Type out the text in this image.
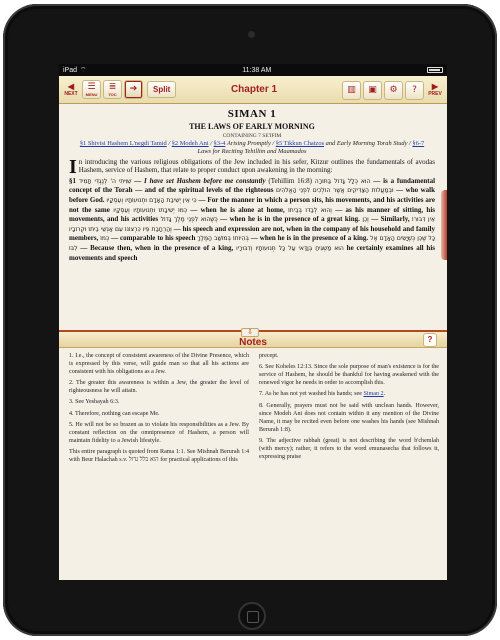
iPad ⌔	11:38 AM
◀
NEXT
☰
MENU
≣
TOC ➔	Split	Chapter 1	▥ ▣ ⚙ ? ▶
PREV
SIMAN 1
THE LAWS OF EARLY MORNING
CONTAINING 7 SE'IFIM
§1 Shivisi Hashem L'negdi Tamid / §2 Modeh Ani / §3-4 Arising Promptly / §5 Tikkun Chatzos and Early Morning Torah Study / §6-7 Laws for Reciting Tehillim and Maamados
In introducing the various religious obligations of the Jew included in his sefer, Kitzur outlines the fundamentals of avodas Hashem, service of Hashem, that relate to proper conduct upon awakening in the morning:
§1 שִׁוִּיתִי ה' לְנֶגְדִּי תָמִיד — I have set Hashem before me constantly (Tehillim 16:8) הוּא כְּלָל גָּדוֹל בַּתּוֹרָה — is a fundamental concept of the Torah — and of the spiritual levels of the righteous וּבְמַעֲלוֹת הַצַּדִּיקִים אֲשֶׁר הוֹלְכִים לִפְנֵי הָאֱלֹהִים — who walk before God. כִּי אֵין יְשִׁיבַת הָאָדָם וּתְנוּעוֹתָיו וְעֵסְקָיו — For the manner in which a person sits, his movements, and his activities are not the same כְּמוֹ יְשִׁיבָתוֹ וּתְנוּעוֹתָיו וְעֵסְקָיו — when he is alone at home, וְהוּא לְבַדּוֹ בְּבֵיתוֹ — as his manner of sitting, his movements, and his activities כְּשֶׁהוּא לִפְנֵי מֶלֶךְ גָּדוֹל — when he is in the presence of a great king. וְכֵן — Similarly, אֵין דִּבּוּרוֹ וְהַרְחָבַת פִּיו כִּרְצוֹנוֹ עִם אַנְשֵׁי בֵיתוֹ וּקְרוֹבָיו — his speech and expression are not, when in the company of his household and family members, כְּמוֹ — comparable to his speech בְּהִיוֹתוֹ בְּמוֹשַׁב הַמֶּלֶךְ — when he is in the presence of a king. כָּל שֶׁכֵּן כְּשֶׁיָּשִׂים הָאָדָם אֶל לִבּוֹ — Because then, when in the presence of a king, הוּא מַשְׁגִּיחַ בְּוַדַּאי עַל כָּל תְּנוּעוֹתָיו וְדִבּוּרָיו he certainly examines all his movements and speech
Notes	?
⇩

1. I.e., the concept of consistent awareness of the Divine Presence, which is expressed by this verse, will guide man so that all his actions are consistent with his obligations as a Jew.

2. The greater this awareness is within a Jew, the greater the level of righteousness he will attain.

3. See Yeshayah 6:3.

4. Therefore, nothing can escape Me.

5. He will not be so brazen as to violate his responsibilities as a Jew. By constant reflection on the omnipresence of Hashem, a person will maintain fidelity to a Jewish lifestyle.

This entire paragraph is quoted from Rama 1:1. See Mishnah Berurah 1:4 with Beur Halachah s.v. הוא כלל גדול for practical applications of this

precept.

6. See Koheles 12:13. Since the sole purpose of man's existence is for the service of Hashem, he should be thankful for having awakened with the renewed vigor he needs in order to accomplish this.

7. As he has not yet washed his hands; see Siman 2.

8. Generally, prayers must not be said with unclean hands. However, since Modeh Ani does not contain within it any mention of the Divine Name, it may be recited even before one washes his hands (see Mishnah Berurah 1:8).

9. The adjective rabbah (great) is not describing the word b'chemlah (with mercy); rather, it refers to the word emunasecha that follows it, expressing praise
